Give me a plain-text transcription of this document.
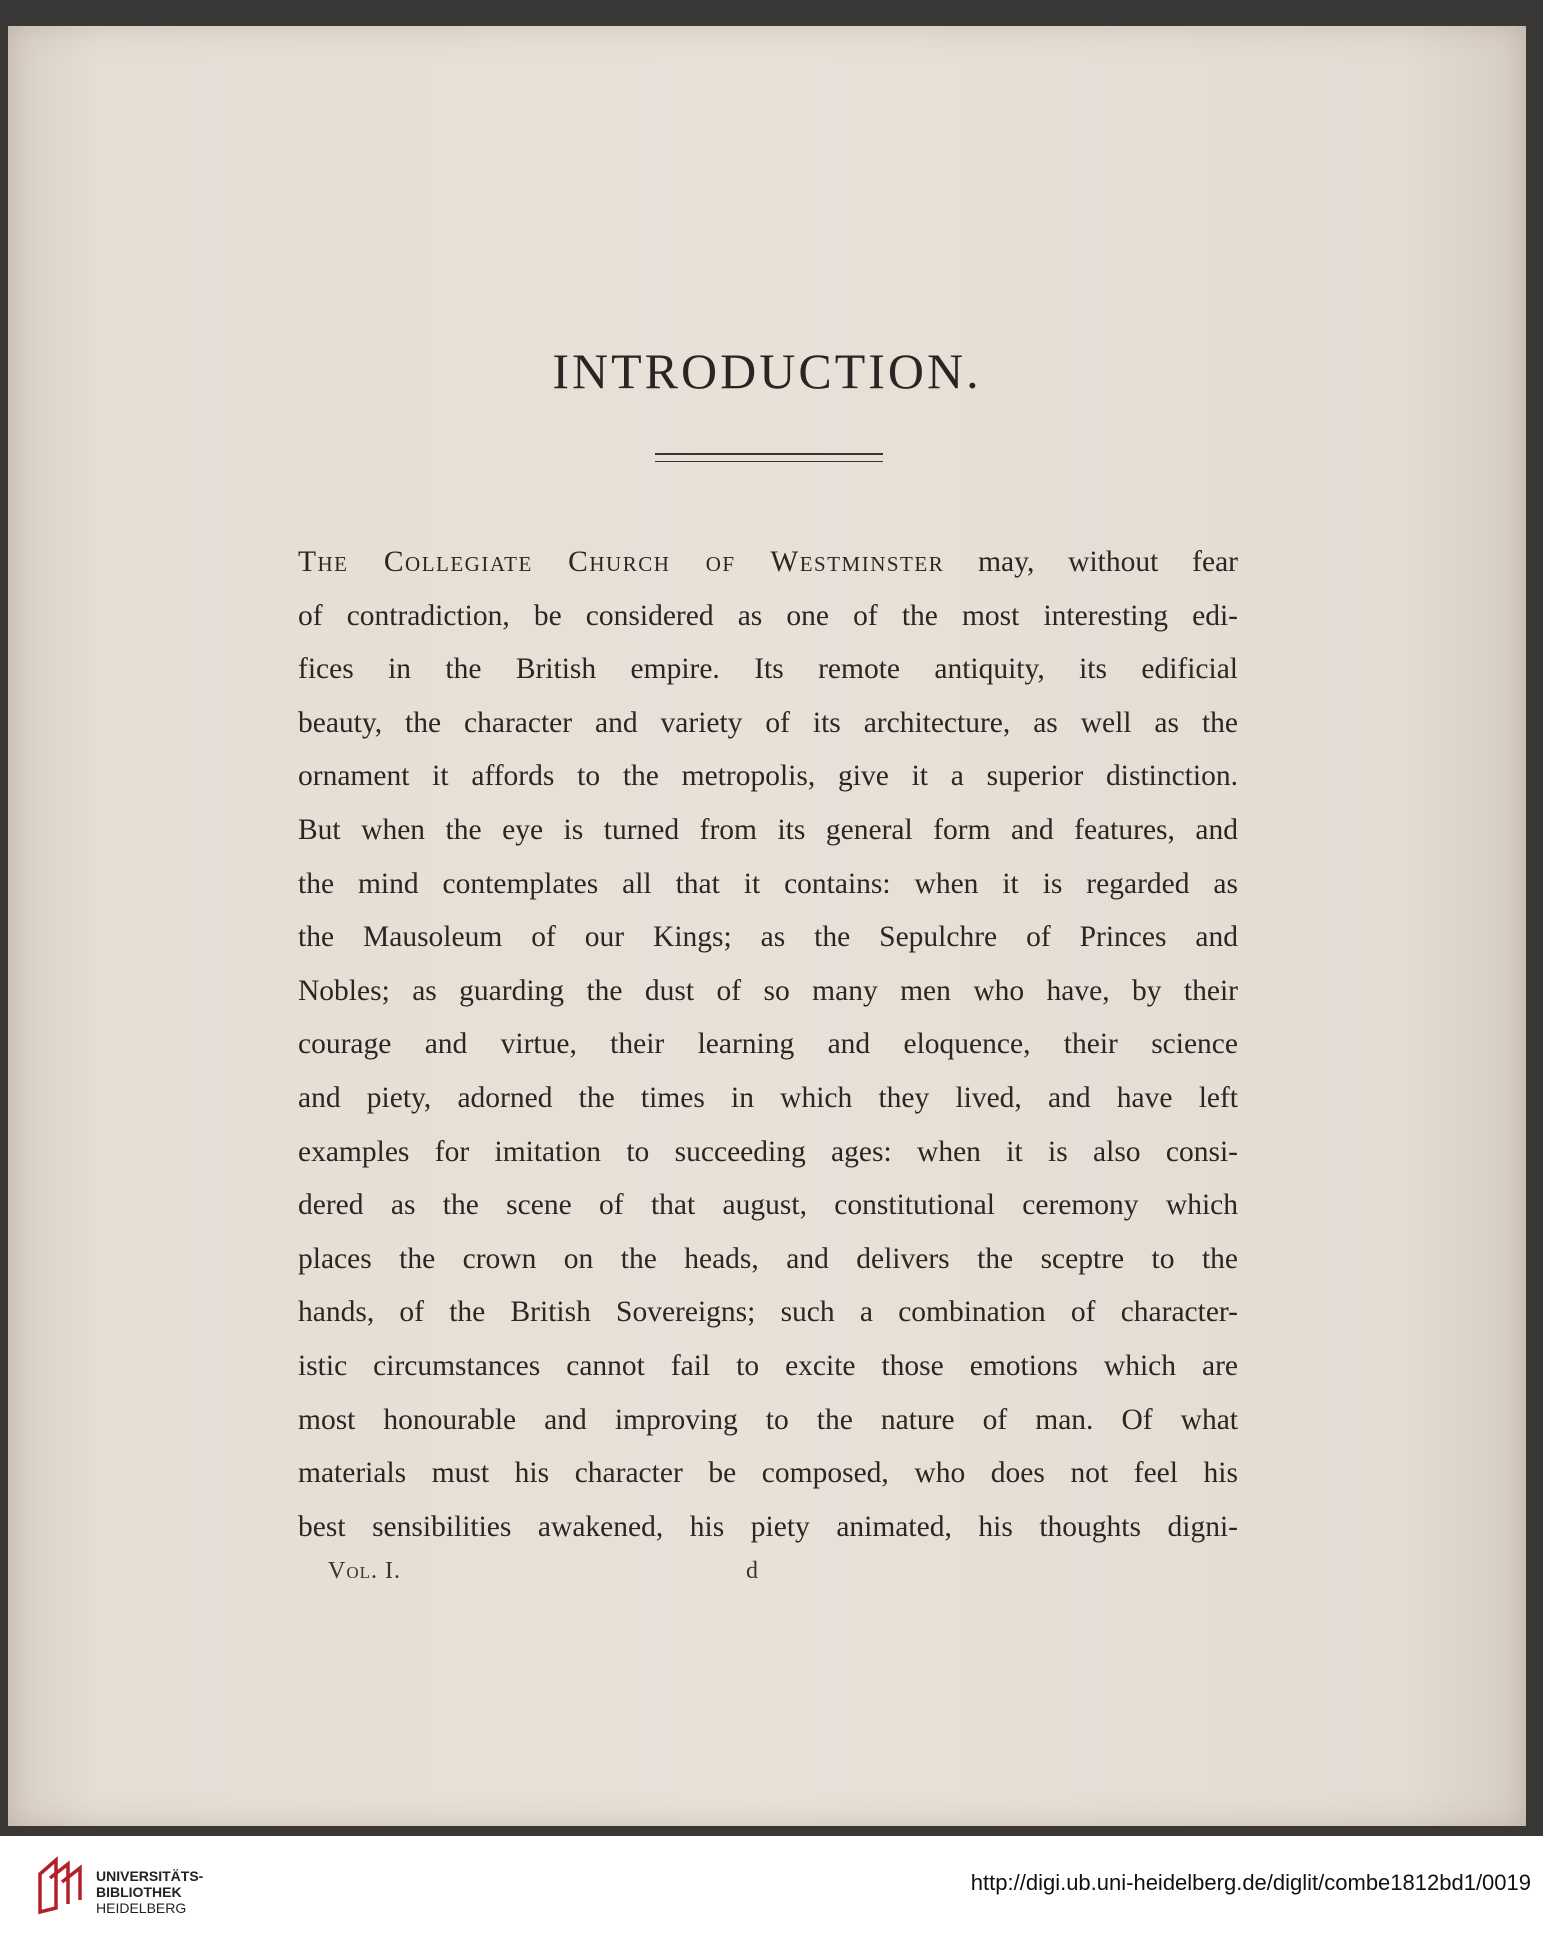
INTRODUCTION.
The Collegiate Church of Westminster may, without fear
of contradiction, be considered as one of the most interesting edi-
fices in the British empire. Its remote antiquity, its edificial
beauty, the character and variety of its architecture, as well as the
ornament it affords to the metropolis, give it a superior distinction.
But when the eye is turned from its general form and features, and
the mind contemplates all that it contains: when it is regarded as
the Mausoleum of our Kings; as the Sepulchre of Princes and
Nobles; as guarding the dust of so many men who have, by their
courage and virtue, their learning and eloquence, their science
and piety, adorned the times in which they lived, and have left
examples for imitation to succeeding ages: when it is also consi-
dered as the scene of that august, constitutional ceremony which
places the crown on the heads, and delivers the sceptre to the
hands, of the British Sovereigns; such a combination of character-
istic circumstances cannot fail to excite those emotions which are
most honourable and improving to the nature of man. Of what
materials must his character be composed, who does not feel his
best sensibilities awakened, his piety animated, his thoughts digni-
Vol. I.	d
UNIVERSITÄTS-
BIBLIOTHEK
HEIDELBERG
http://digi.ub.uni-heidelberg.de/diglit/combe1812bd1/0019
